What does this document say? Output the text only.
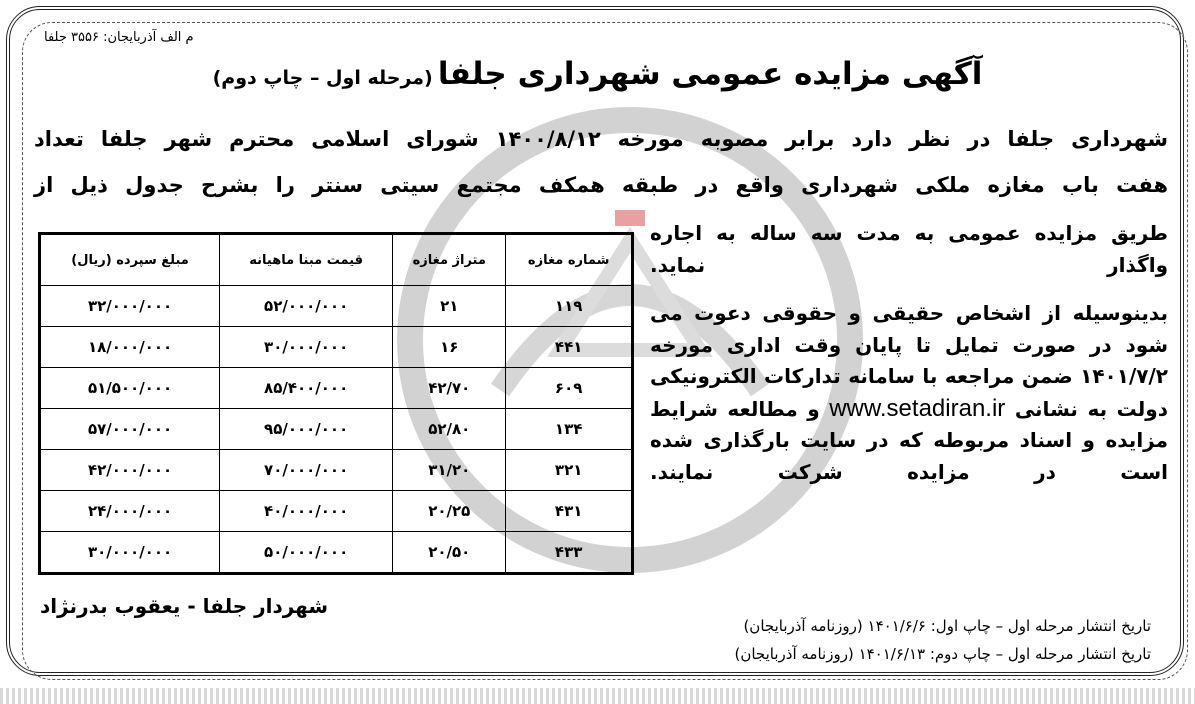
م الف آذربایجان: ۳۵۵۶ جلفا
آگهی مزایده عمومی شهرداری جلفا (مرحله اول – چاپ دوم)
شهرداری جلفا در نظر دارد برابر مصوبه مورخه ۱۴۰۰/۸/۱۲ شورای اسلامی محترم شهر جلفا تعداد
هفت باب مغازه ملکی شهرداری واقع در طبقه همکف مجتمع سیتی سنتر را بشرح جدول ذیل از
طریق مزایده عمومی به مدت سه ساله به اجاره واگذار نماید.
بدینوسیله از اشخاص حقیقی و حقوقی دعوت می شود در صورت تمایل تا پایان وقت اداری مورخه ۱۴۰۱/۷/۲ ضمن مراجعه با سامانه تدارکات الکترونیکی دولت به نشانی www.setadiran.ir و مطالعه شرایط مزایده و اسناد مربوطه که در سایت بارگذاری شده است در مزایده شرکت نمایند.
شماره مغازه	متراژ مغازه	قیمت مبنا ماهیانه	مبلغ سپرده (ریال)
۱۱۹	۲۱	۵۲/۰۰۰/۰۰۰	۳۲/۰۰۰/۰۰۰
۴۴۱	۱۶	۳۰/۰۰۰/۰۰۰	۱۸/۰۰۰/۰۰۰
۶۰۹	۴۲/۷۰	۸۵/۴۰۰/۰۰۰	۵۱/۵۰۰/۰۰۰
۱۳۴	۵۲/۸۰	۹۵/۰۰۰/۰۰۰	۵۷/۰۰۰/۰۰۰
۳۲۱	۳۱/۲۰	۷۰/۰۰۰/۰۰۰	۴۲/۰۰۰/۰۰۰
۴۳۱	۲۰/۲۵	۴۰/۰۰۰/۰۰۰	۲۴/۰۰۰/۰۰۰
۴۳۳	۲۰/۵۰	۵۰/۰۰۰/۰۰۰	۳۰/۰۰۰/۰۰۰
شهردار جلفا - یعقوب بدرنژاد
تاریخ انتشار مرحله اول – چاپ اول: ۱۴۰۱/۶/۶ (روزنامه آذربایجان)
تاریخ انتشار مرحله اول – چاپ دوم: ۱۴۰۱/۶/۱۳ (روزنامه آذربایجان)
